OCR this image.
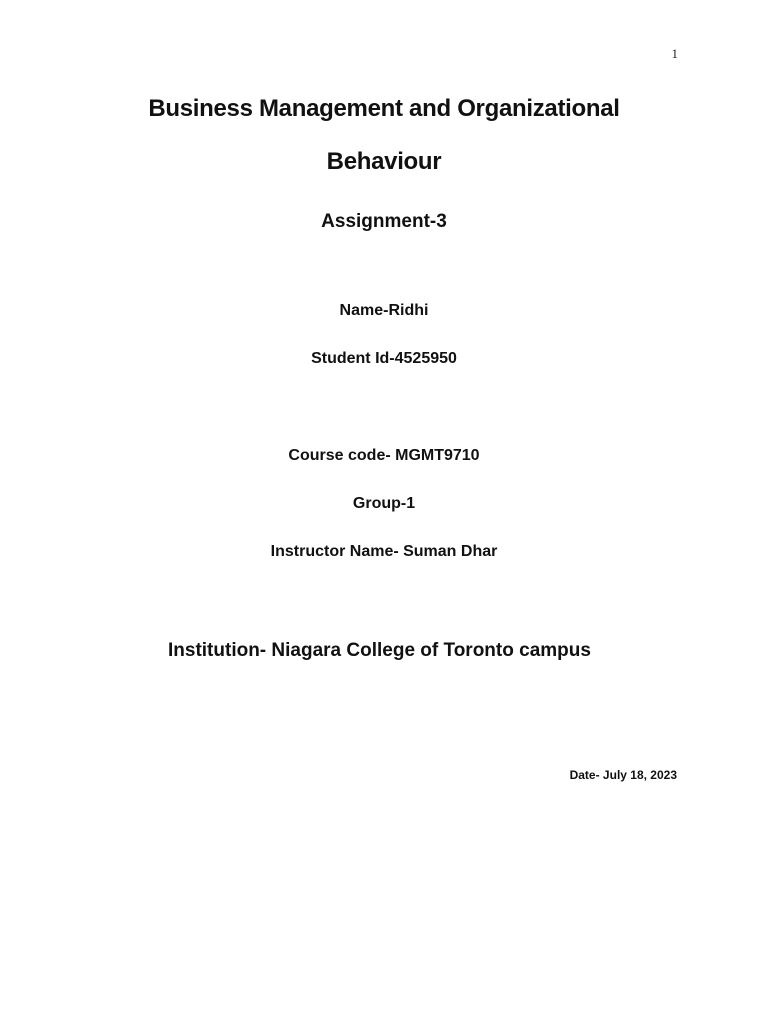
1
Business Management and Organizational
Behaviour
Assignment-3
Name-Ridhi
Student Id-4525950
Course code- MGMT9710
Group-1
Instructor Name- Suman Dhar
Institution- Niagara College of Toronto campus
Date- July 18, 2023
